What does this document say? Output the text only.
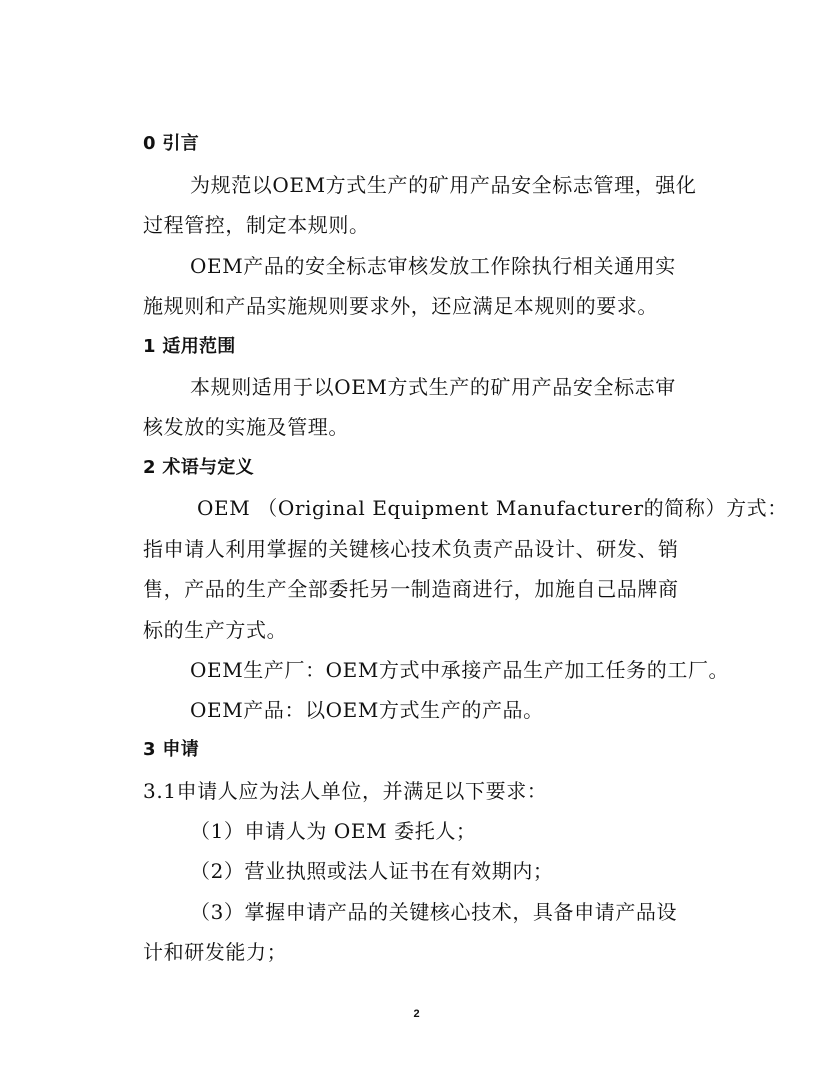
0 引言
为规范以OEM方式生产的矿用产品安全标志管理，强化
过程管控，制定本规则。
OEM产品的安全标志审核发放工作除执行相关通用实
施规则和产品实施规则要求外，还应满足本规则的要求。
1 适用范围
本规则适用于以OEM方式生产的矿用产品安全标志审
核发放的实施及管理。
2 术语与定义
OEM （Original Equipment Manufacturer的简称）方式：
指申请人利用掌握的关键核心技术负责产品设计、研发、销
售，产品的生产全部委托另一制造商进行，加施自己品牌商
标的生产方式。
OEM生产厂：OEM方式中承接产品生产加工任务的工厂。
OEM产品：以OEM方式生产的产品。
3 申请
3.1申请人应为法人单位，并满足以下要求：
（1）申请人为 OEM 委托人；
（2）营业执照或法人证书在有效期内；
（3）掌握申请产品的关键核心技术，具备申请产品设
计和研发能力；
2
